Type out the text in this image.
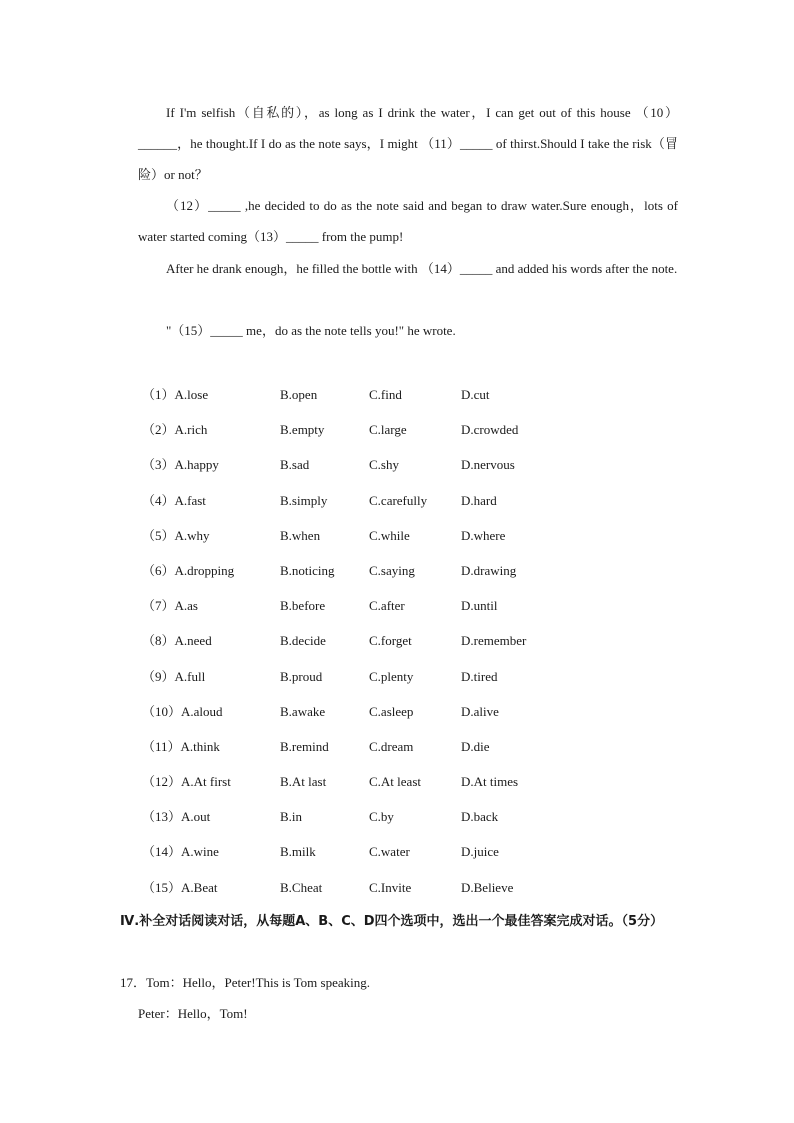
If I'm selfish（自私的），as long as I drink the water，I can get out of this house （10）______，he thought.If I do as the note says，I might （11）_____ of thirst.Should I take the risk（冒险）or not？

（12）_____ ,he decided to do as the note said and began to draw water.Sure enough，lots of water started coming（13）_____ from the pump!

After he drank enough，he filled the bottle with （14）_____ and added his words after the note.

"（15）_____ me，do as the note tells you!" he wrote.

（1）A.lose	B.open	C.find	D.cut
（2）A.rich	B.empty	C.large	D.crowded
（3）A.happy	B.sad	C.shy	D.nervous
（4）A.fast	B.simply	C.carefully	D.hard
（5）A.why	B.when	C.while	D.where
（6）A.dropping	B.noticing	C.saying	D.drawing
（7）A.as	B.before	C.after	D.until
（8）A.need	B.decide	C.forget	D.remember
（9）A.full	B.proud	C.plenty	D.tired
（10）A.aloud	B.awake	C.asleep	D.alive
（11）A.think	B.remind	C.dream	D.die
（12）A.At first	B.At last	C.At least	D.At times
（13）A.out	B.in	C.by	D.back
（14）A.wine	B.milk	C.water	D.juice
（15）A.Beat	B.Cheat	C.Invite	D.Believe

Ⅳ.补全对话阅读对话，从每题A、B、C、D四个选项中，选出一个最佳答案完成对话。（5分）

17．Tom：Hello，Peter!This is Tom speaking.

Peter：Hello，Tom!
